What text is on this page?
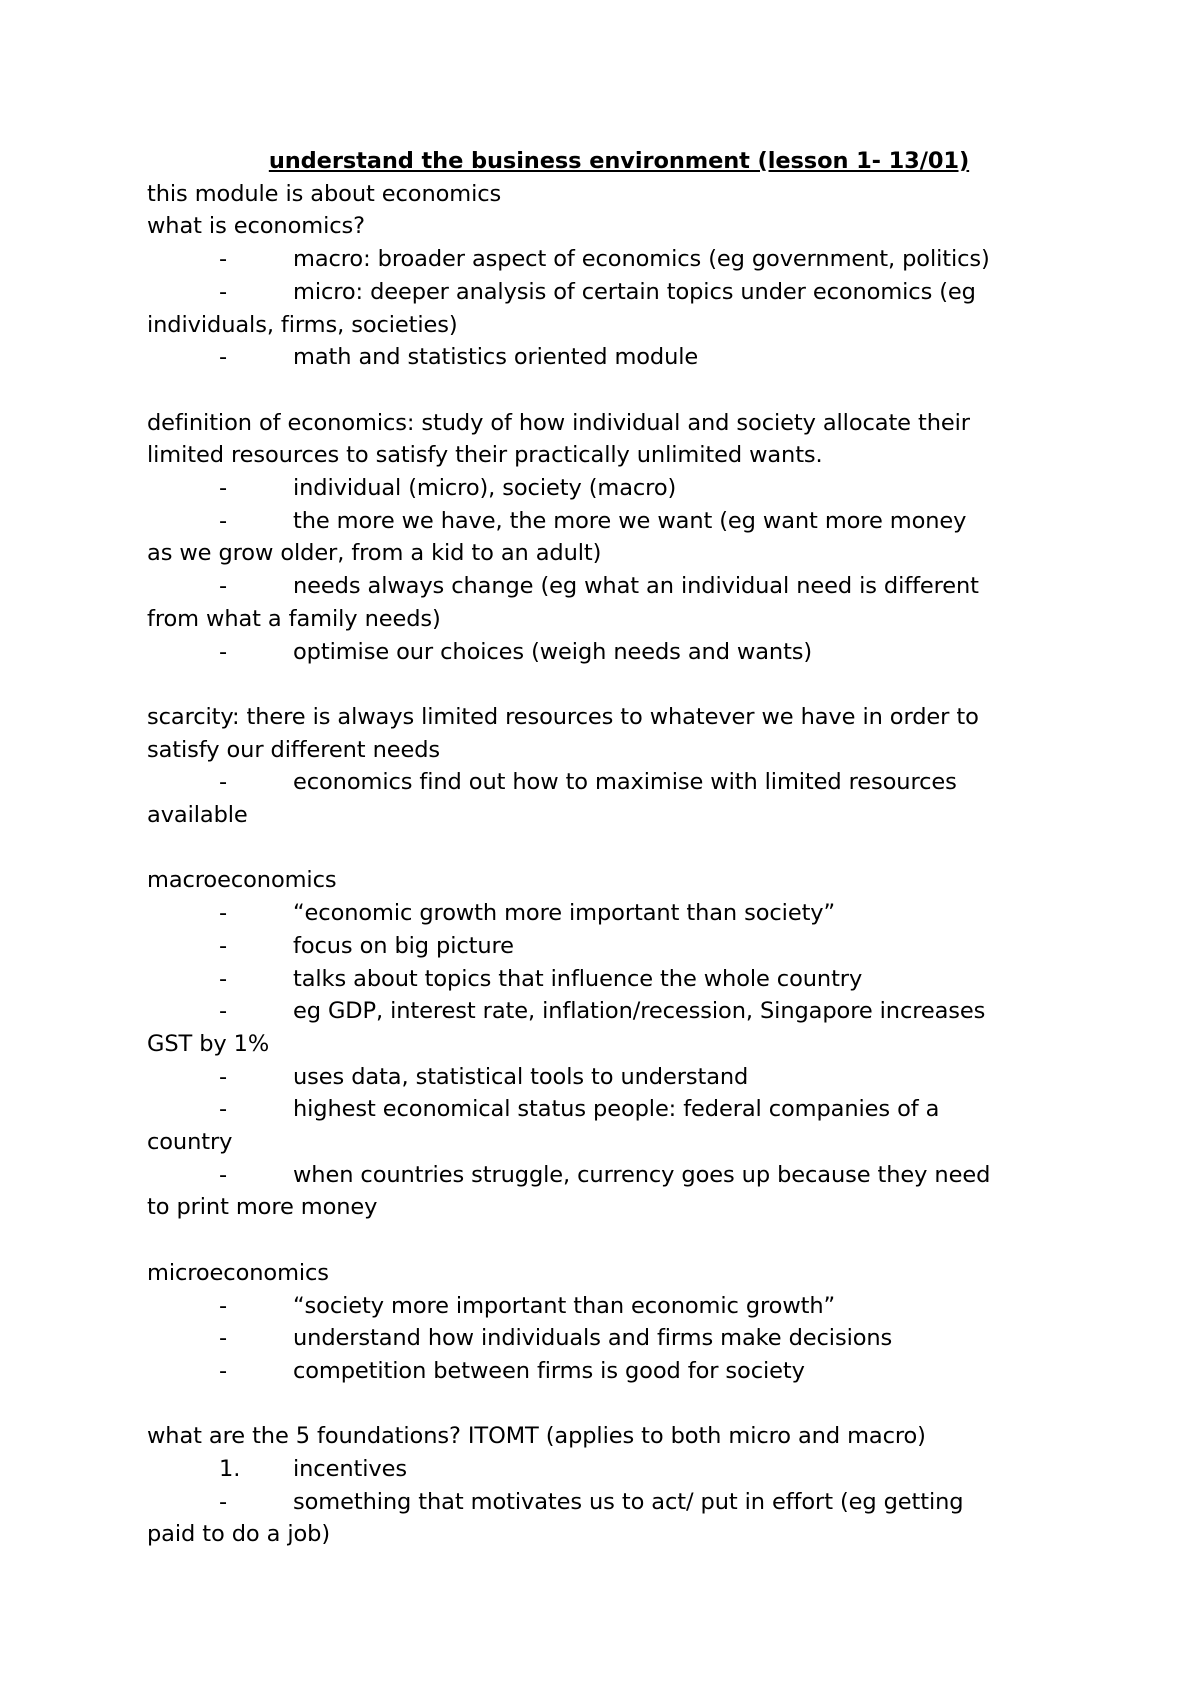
understand the business environment (lesson 1- 13/01)
this module is about economics
what is economics?
-	macro: broader aspect of economics (eg government, politics)
-	micro: deeper analysis of certain topics under economics (eg
individuals, firms, societies)
-	math and statistics oriented module
definition of economics: study of how individual and society allocate their
limited resources to satisfy their practically unlimited wants.
-	individual (micro), society (macro)
-	the more we have, the more we want (eg want more money
as we grow older, from a kid to an adult)
-	needs always change (eg what an individual need is different
from what a family needs)
-	optimise our choices (weigh needs and wants)
scarcity: there is always limited resources to whatever we have in order to
satisfy our different needs
-	economics find out how to maximise with limited resources
available
macroeconomics
-	“economic growth more important than society”
-	focus on big picture
-	talks about topics that influence the whole country
-	eg GDP, interest rate, inflation/recession, Singapore increases
GST by 1%
-	uses data, statistical tools to understand
-	highest economical status people: federal companies of a
country
-	when countries struggle, currency goes up because they need
to print more money
microeconomics
-	“society more important than economic growth”
-	understand how individuals and firms make decisions
-	competition between firms is good for society
what are the 5 foundations? ITOMT (applies to both micro and macro)
1. incentives
-	something that motivates us to act/ put in effort (eg getting
paid to do a job)
